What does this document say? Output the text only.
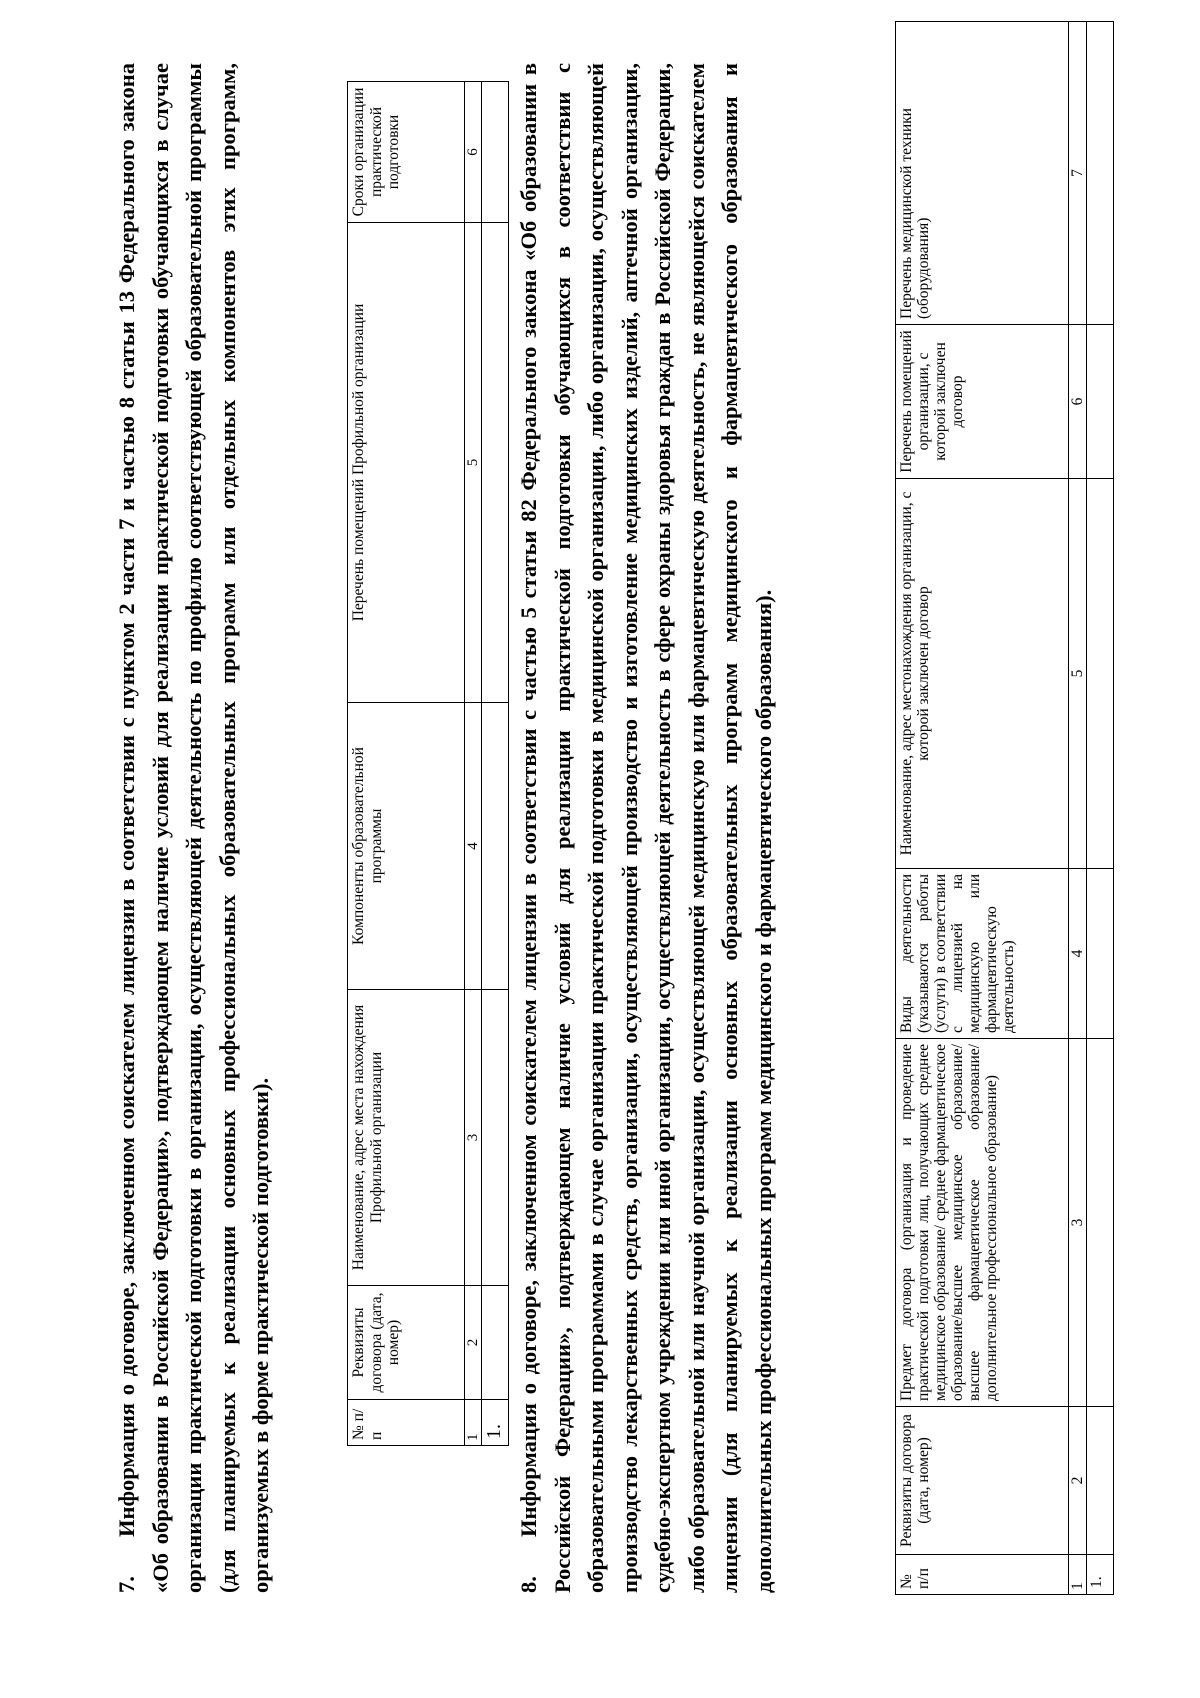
7.Информация о договоре, заключенном соискателем лицензии в соответствии с пунктом 2 части 7 и частью 8 статьи 13 Федерального закона «Об образовании в Российской Федерации», подтверждающем наличие условий для реализации практической подготовки обучающихся в случае организации практической подготовки в организации, осуществляющей деятельность по профилю соответствующей образовательной программы (для планируемых к реализации основных профессиональных образовательных программ или отдельных компонентов этих программ, организуемых в форме практической подготовки).	№ п/п	Реквизиты договора (дата, номер)	Наименование, адрес места нахождения Профильной организации	Компоненты образовательной программы	Перечень помещений Профильной организации	Сроки организации практической подготовки
1	2	3	4	5	6
1.					
8.Информация о договоре, заключенном соискателем лицензии в соответствии с частью 5 статьи 82 Федерального закона «Об образовании в Российской Федерации», подтверждающем наличие условий для реализации практической подготовки обучающихся в соответствии с образовательными программами в случае организации практической подготовки в медицинской организации, либо организации, осуществляющей производство лекарственных средств, организации, осуществляющей производство и изготовление медицинских изделий, аптечной организации, судебно-экспертном учреждении или иной организации, осуществляющей деятельность в сфере охраны здоровья граждан в Российской Федерации, либо образовательной или научной организации, осуществляющей медицинскую или фармацевтическую деятельность, не являющейся соискателем лицензии (для планируемых к реализации основных образовательных программ медицинского и фармацевтического образования и дополнительных профессиональных программ медицинского и фармацевтического образования).	№ п/п	Реквизиты договора (дата, номер)	Предмет договора (организация и проведение практической подготовки лиц, получающих среднее медицинское образование/ среднее фармацевтическое образование/высшее медицинское образование/ высшее фармацевтическое образование/ дополнительное профессиональное образование)	Виды деятельности (указываются работы (услуги) в соответствии с лицензией на медицинскую или фармацевтическую деятельность)	Наименование, адрес местонахождения организации, с которой заключен договор	Перечень помещений организации, с которой заключен договор	Перечень медицинской техники (оборудования)
1	2	3	4	5	6	7
1.						
